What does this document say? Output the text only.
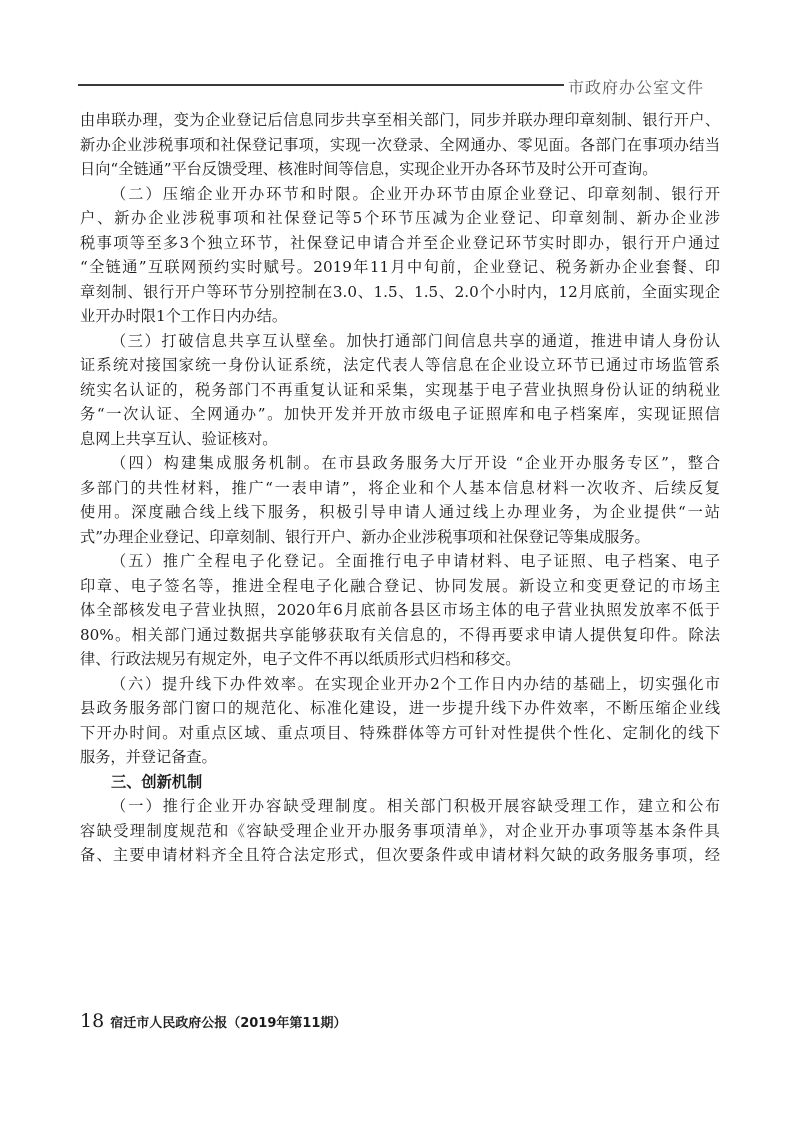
市政府办公室文件
由串联办理，变为企业登记后信息同步共享至相关部门，同步并联办理印章刻制、银行开户、
新办企业涉税事项和社保登记事项，实现一次登录、全网通办、零见面。各部门在事项办结当
日向“全链通”平台反馈受理、核准时间等信息，实现企业开办各环节及时公开可查询。
（二）压缩企业开办环节和时限。企业开办环节由原企业登记、印章刻制、银行开
户、新办企业涉税事项和社保登记等5个环节压减为企业登记、印章刻制、新办企业涉
税事项等至多3个独立环节，社保登记申请合并至企业登记环节实时即办，银行开户通过
“全链通”互联网预约实时赋号。2019年11月中旬前，企业登记、税务新办企业套餐、印
章刻制、银行开户等环节分别控制在3.0、1.5、1.5、2.0个小时内，12月底前，全面实现企
业开办时限1个工作日内办结。
（三）打破信息共享互认壁垒。加快打通部门间信息共享的通道，推进申请人身份认
证系统对接国家统一身份认证系统，法定代表人等信息在企业设立环节已通过市场监管系
统实名认证的，税务部门不再重复认证和采集，实现基于电子营业执照身份认证的纳税业
务“一次认证、全网通办”。加快开发并开放市级电子证照库和电子档案库，实现证照信
息网上共享互认、验证核对。
（四）构建集成服务机制。在市县政务服务大厅开设 “企业开办服务专区”，整合
多部门的共性材料，推广“一表申请”，将企业和个人基本信息材料一次收齐、后续反复
使用。深度融合线上线下服务，积极引导申请人通过线上办理业务，为企业提供“一站
式”办理企业登记、印章刻制、银行开户、新办企业涉税事项和社保登记等集成服务。
（五）推广全程电子化登记。全面推行电子申请材料、电子证照、电子档案、电子
印章、电子签名等，推进全程电子化融合登记、协同发展。新设立和变更登记的市场主
体全部核发电子营业执照，2020年6月底前各县区市场主体的电子营业执照发放率不低于
80%。相关部门通过数据共享能够获取有关信息的，不得再要求申请人提供复印件。除法
律、行政法规另有规定外，电子文件不再以纸质形式归档和移交。
（六）提升线下办件效率。在实现企业开办2个工作日内办结的基础上，切实强化市
县政务服务部门窗口的规范化、标准化建设，进一步提升线下办件效率，不断压缩企业线
下开办时间。对重点区域、重点项目、特殊群体等方可针对性提供个性化、定制化的线下
服务，并登记备查。
三、创新机制
（一）推行企业开办容缺受理制度。相关部门积极开展容缺受理工作，建立和公布
容缺受理制度规范和《容缺受理企业开办服务事项清单》，对企业开办事项等基本条件具
备、主要申请材料齐全且符合法定形式，但次要条件或申请材料欠缺的政务服务事项，经
18 宿迁市人民政府公报（2019年第11期）
